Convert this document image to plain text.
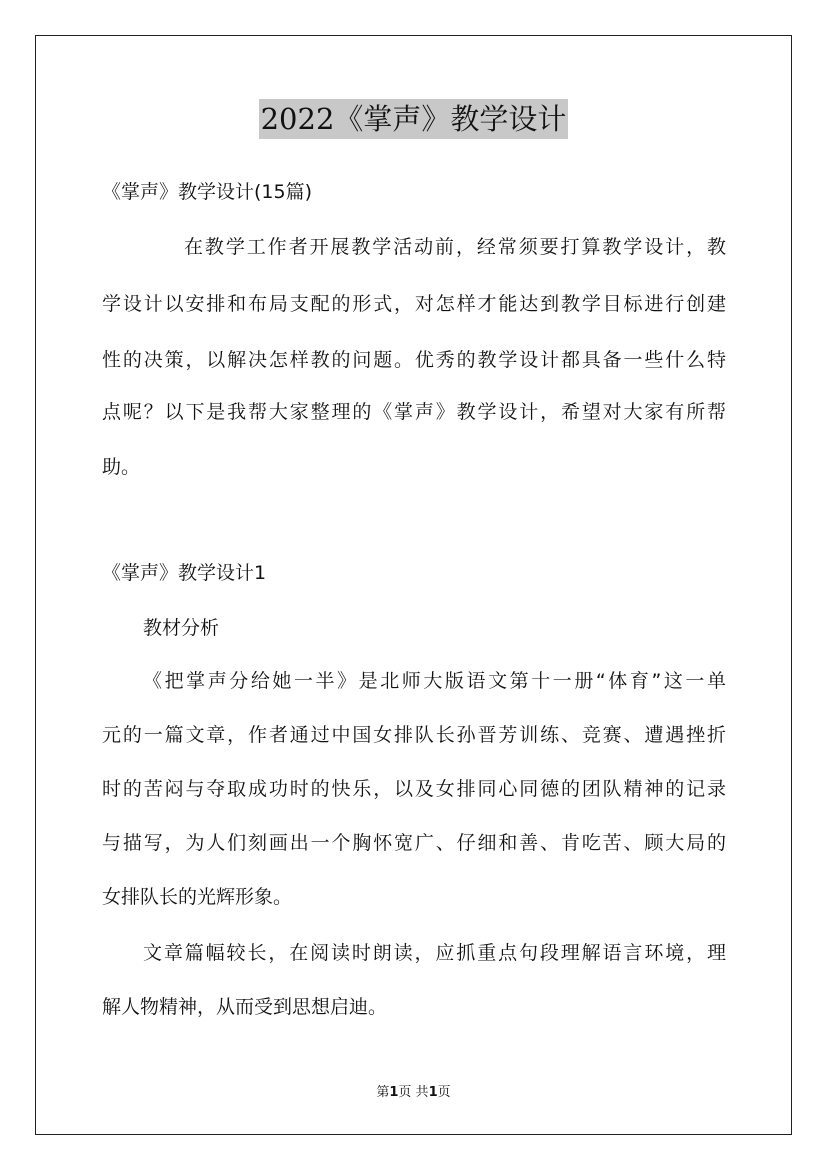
2022《掌声》教学设计
《掌声》教学设计(15篇)
在教学工作者开展教学活动前，经常须要打算教学设计，教
学设计以安排和布局支配的形式，对怎样才能达到教学目标进行创建
性的决策，以解决怎样教的问题。优秀的教学设计都具备一些什么特
点呢？以下是我帮大家整理的《掌声》教学设计，希望对大家有所帮
助。
《掌声》教学设计1
教材分析
《把掌声分给她一半》是北师大版语文第十一册“体育”这一单
元的一篇文章，作者通过中国女排队长孙晋芳训练、竞赛、遭遇挫折
时的苦闷与夺取成功时的快乐，以及女排同心同德的团队精神的记录
与描写，为人们刻画出一个胸怀宽广、仔细和善、肯吃苦、顾大局的
女排队长的光辉形象。
文章篇幅较长，在阅读时朗读，应抓重点句段理解语言环境，理
解人物精神，从而受到思想启迪。
第1页 共1页
